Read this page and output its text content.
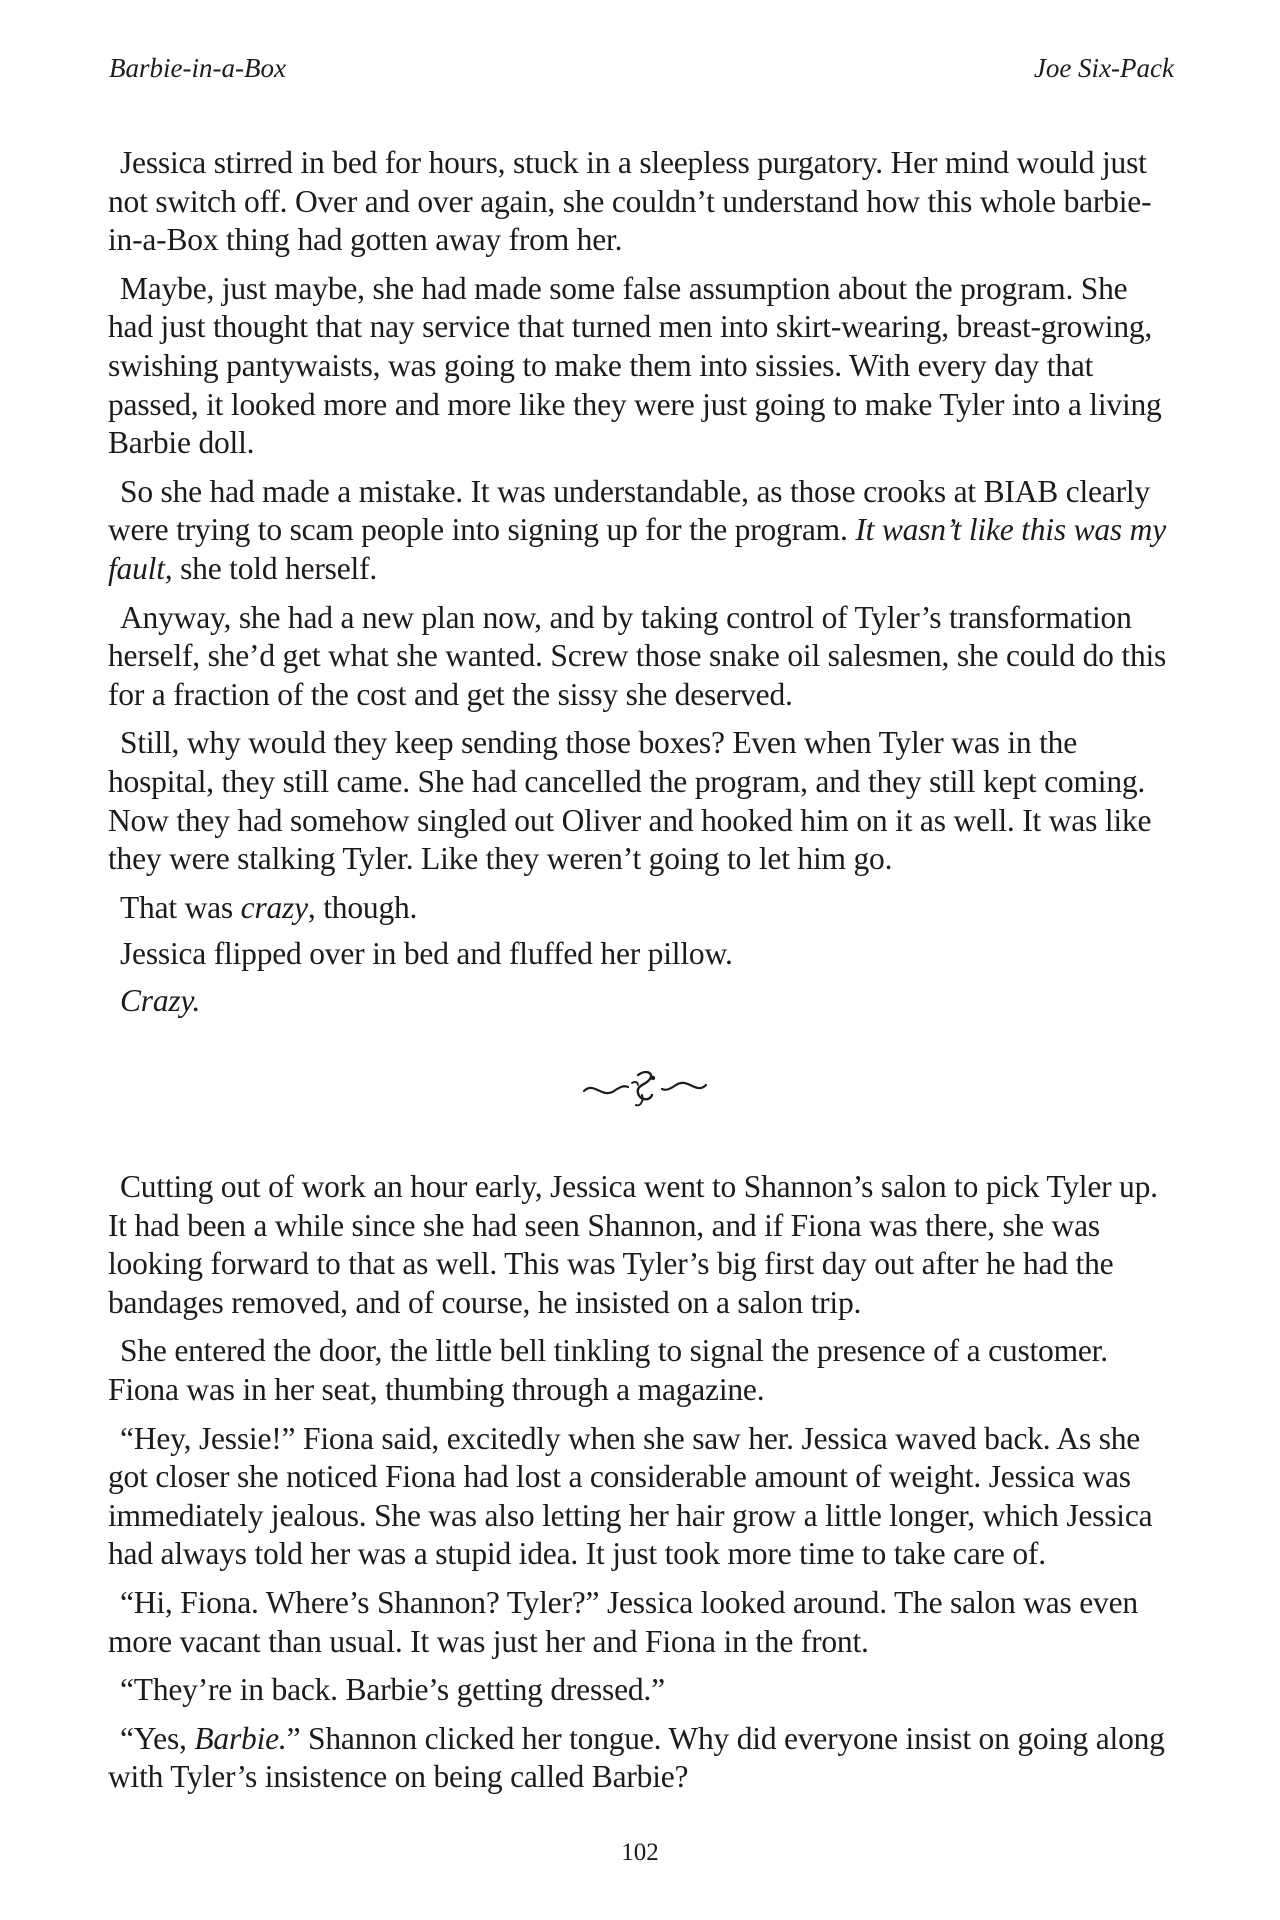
Barbie-in-a-Box	Joe Six-Pack

Jessica stirred in bed for hours, stuck in a sleepless purgatory. Her mind would just not switch off. Over and over again, she couldn’t understand how this whole barbie-in-a-Box thing had gotten away from her.

Maybe, just maybe, she had made some false assumption about the program. She had just thought that nay service that turned men into skirt-wearing, breast-growing, swishing pantywaists, was going to make them into sissies. With every day that passed, it looked more and more like they were just going to make Tyler into a living Barbie doll.

So she had made a mistake. It was understandable, as those crooks at BIAB clearly were trying to scam people into signing up for the program. It wasn’t like this was my fault, she told herself.

Anyway, she had a new plan now, and by taking control of Tyler’s transformation herself, she’d get what she wanted. Screw those snake oil salesmen, she could do this for a fraction of the cost and get the sissy she deserved.

Still, why would they keep sending those boxes? Even when Tyler was in the hospital, they still came. She had cancelled the program, and they still kept coming. Now they had somehow singled out Oliver and hooked him on it as well. It was like they were stalking Tyler. Like they weren’t going to let him go.

That was crazy, though.

Jessica flipped over in bed and fluffed her pillow.

Crazy.

Cutting out of work an hour early, Jessica went to Shannon’s salon to pick Tyler up. It had been a while since she had seen Shannon, and if Fiona was there, she was looking forward to that as well. This was Tyler’s big first day out after he had the bandages removed, and of course, he insisted on a salon trip.

She entered the door, the little bell tinkling to signal the presence of a customer. Fiona was in her seat, thumbing through a magazine.

“Hey, Jessie!” Fiona said, excitedly when she saw her. Jessica waved back. As she got closer she noticed Fiona had lost a considerable amount of weight. Jessica was immediately jealous. She was also letting her hair grow a little longer, which Jessica had always told her was a stupid idea. It just took more time to take care of.

“Hi, Fiona. Where’s Shannon? Tyler?” Jessica looked around. The salon was even more vacant than usual. It was just her and Fiona in the front.

“They’re in back. Barbie’s getting dressed.”

“Yes, Barbie.” Shannon clicked her tongue. Why did everyone insist on going along with Tyler’s insistence on being called Barbie?

102
